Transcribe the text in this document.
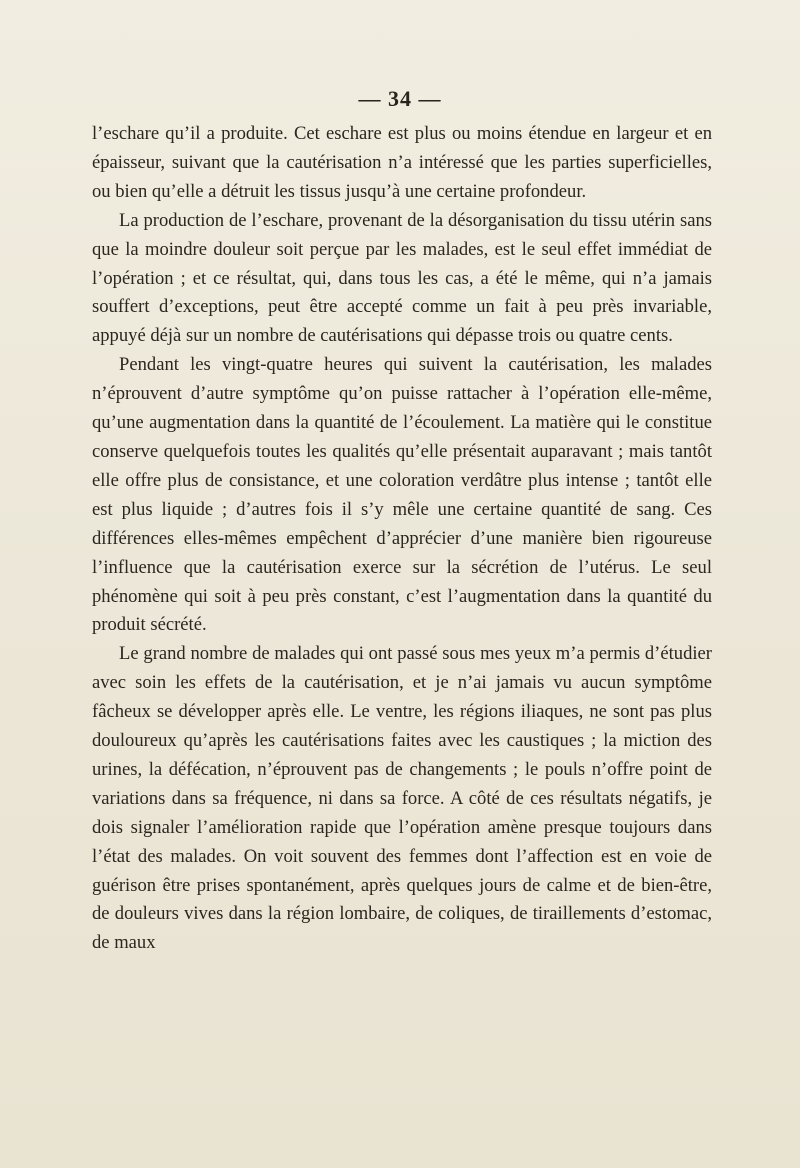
— 34 —

l’eschare qu’il a produite. Cet eschare est plus ou moins étendue en largeur et en épaisseur, suivant que la cautérisation n’a intéressé que les parties superficielles, ou bien qu’elle a détruit les tissus jusqu’à une certaine profondeur.

La production de l’eschare, provenant de la désorganisation du tissu utérin sans que la moindre douleur soit perçue par les malades, est le seul effet immédiat de l’opération ; et ce résultat, qui, dans tous les cas, a été le même, qui n’a jamais souffert d’exceptions, peut être accepté comme un fait à peu près invariable, appuyé déjà sur un nombre de cautérisations qui dépasse trois ou quatre cents.

Pendant les vingt-quatre heures qui suivent la cautérisation, les malades n’éprouvent d’autre symptôme qu’on puisse rattacher à l’opération elle-même, qu’une augmentation dans la quantité de l’écoulement. La matière qui le constitue conserve quelquefois toutes les qualités qu’elle présentait auparavant ; mais tantôt elle offre plus de consistance, et une coloration verdâtre plus intense ; tantôt elle est plus liquide ; d’autres fois il s’y mêle une certaine quantité de sang. Ces différences elles-mêmes empêchent d’apprécier d’une manière bien rigoureuse l’influence que la cautérisation exerce sur la sécrétion de l’utérus. Le seul phénomène qui soit à peu près constant, c’est l’augmentation dans la quantité du produit sécrété.

Le grand nombre de malades qui ont passé sous mes yeux m’a permis d’étudier avec soin les effets de la cautérisation, et je n’ai jamais vu aucun symptôme fâcheux se développer après elle. Le ventre, les régions iliaques, ne sont pas plus douloureux qu’après les cautérisations faites avec les caustiques ; la miction des urines, la défécation, n’éprouvent pas de changements ; le pouls n’offre point de variations dans sa fréquence, ni dans sa force. A côté de ces résultats négatifs, je dois signaler l’amélioration rapide que l’opération amène presque toujours dans l’état des malades. On voit souvent des femmes dont l’affection est en voie de guérison être prises spontanément, après quelques jours de calme et de bien-être, de douleurs vives dans la région lombaire, de coliques, de tiraillements d’estomac, de maux
